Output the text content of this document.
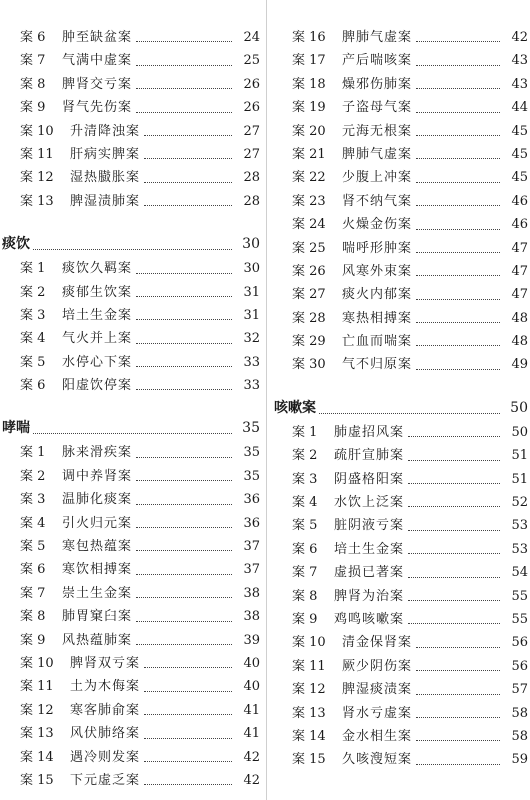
案 6 肿至缺盆案	24
案 7 气满中虚案	25
案 8 脾肾交亏案	26
案 9 肾气先伤案	26
案 10 升清降浊案	27
案 11 肝病实脾案	27
案 12 湿热臌胀案	28
案 13 脾湿渍肺案	28
痰饮	30
案 1 痰饮久羁案	30
案 2 痰郁生饮案	31
案 3 培土生金案	31
案 4 气火并上案	32
案 5 水停心下案	33
案 6 阳虚饮停案	33
哮喘	35
案 1 脉来滑疾案	35
案 2 调中养肾案	35
案 3 温肺化痰案	36
案 4 引火归元案	36
案 5 寒包热蕴案	37
案 6 寒饮相搏案	37
案 7 崇土生金案	38
案 8 肺胃窠臼案	38
案 9 风热蕴肺案	39
案 10 脾肾双亏案	40
案 11 土为木侮案	40
案 12 寒客肺俞案	41
案 13 风伏肺络案	41
案 14 遇冷则发案	42
案 15 下元虚乏案	42
案 16 脾肺气虚案	42
案 17 产后喘咳案	43
案 18 燥邪伤肺案	43
案 19 子盗母气案	44
案 20 元海无根案	45
案 21 脾肺气虚案	45
案 22 少腹上冲案	45
案 23 肾不纳气案	46
案 24 火燥金伤案	46
案 25 喘呼形肿案	47
案 26 风寒外束案	47
案 27 痰火内郁案	47
案 28 寒热相搏案	48
案 29 亡血而喘案	48
案 30 气不归原案	49
咳嗽案	50
案 1 肺虚招风案	50
案 2 疏肝宣肺案	51
案 3 阴盛格阳案	51
案 4 水饮上泛案	52
案 5 脏阴液亏案	53
案 6 培土生金案	53
案 7 虚损已著案	54
案 8 脾肾为治案	55
案 9 鸡鸣咳嗽案	55
案 10 清金保肾案	56
案 11 厥少阴伤案	56
案 12 脾湿痰渍案	57
案 13 肾水亏虚案	58
案 14 金水相生案	58
案 15 久咳溲短案	59
